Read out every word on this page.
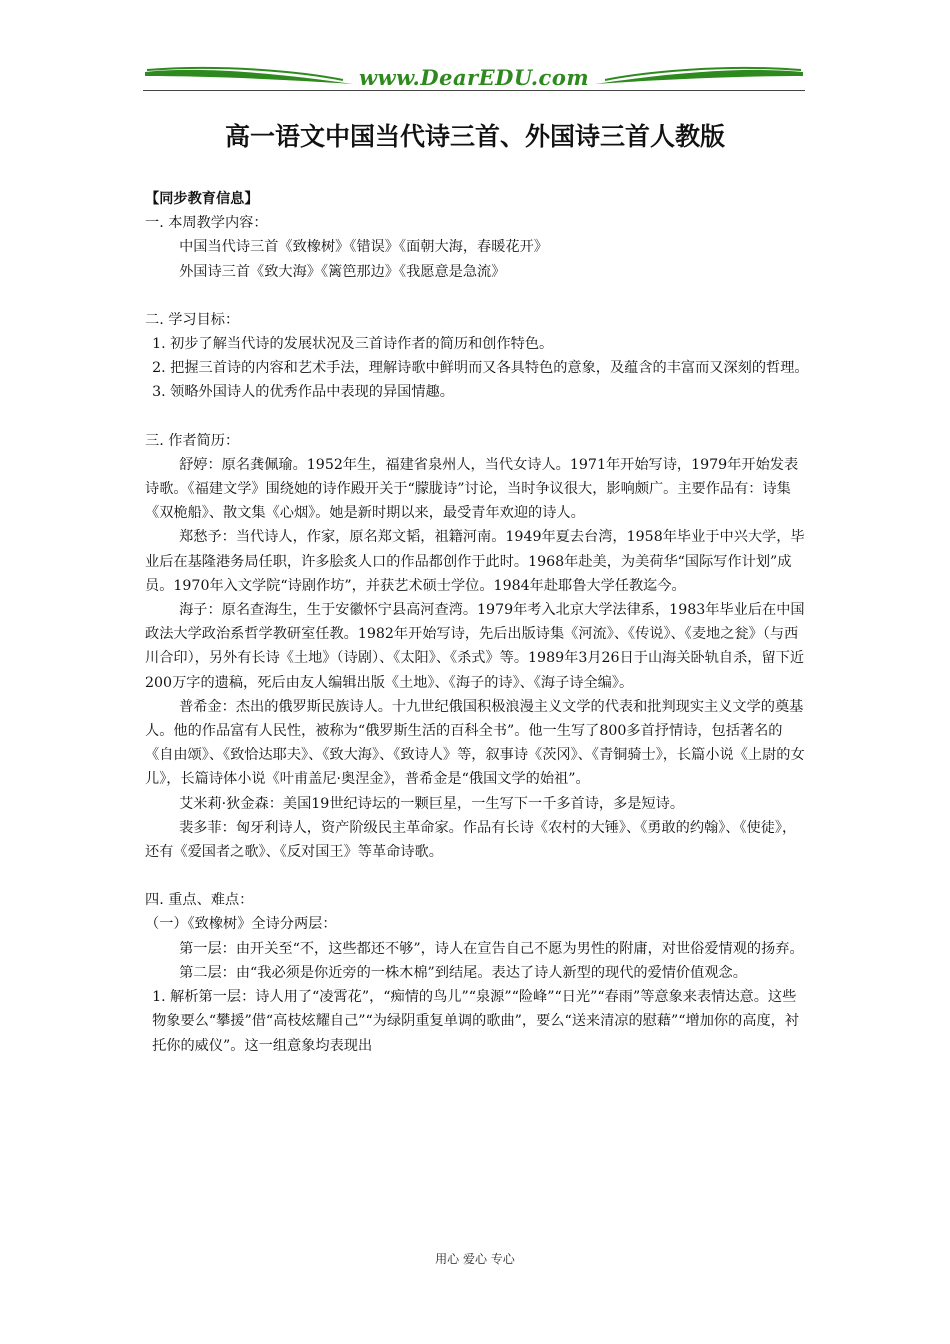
www.DearEDU.com
高一语文中国当代诗三首、外国诗三首人教版

【同步教育信息】

一. 本周教学内容：

中国当代诗三首《致橡树》《错误》《面朝大海，春暖花开》

外国诗三首《致大海》《篱笆那边》《我愿意是急流》

二. 学习目标：

1. 初步了解当代诗的发展状况及三首诗作者的简历和创作特色。

2. 把握三首诗的内容和艺术手法，理解诗歌中鲜明而又各具特色的意象，及蕴含的丰富而又深刻的哲理。

3. 领略外国诗人的优秀作品中表现的异国情趣。

三. 作者简历：

舒婷：原名龚佩瑜。1952年生，福建省泉州人，当代女诗人。1971年开始写诗，1979年开始发表诗歌。《福建文学》围绕她的诗作殿开关于“朦胧诗”讨论，当时争议很大，影响颇广。主要作品有：诗集《双桅船》、散文集《心烟》。她是新时期以来，最受青年欢迎的诗人。

郑愁予：当代诗人，作家，原名郑文韬，祖籍河南。1949年夏去台湾，1958年毕业于中兴大学，毕业后在基隆港务局任职，许多脍炙人口的作品都创作于此时。1968年赴美，为美荷华“国际写作计划”成员。1970年入文学院“诗剧作坊”，并获艺术硕士学位。1984年赴耶鲁大学任教迄今。

海子：原名查海生，生于安徽怀宁县高河查湾。1979年考入北京大学法律系，1983年毕业后在中国政法大学政治系哲学教研室任教。1982年开始写诗，先后出版诗集《河流》、《传说》、《麦地之瓮》（与西川合印），另外有长诗《土地》（诗剧）、《太阳》、《杀式》等。1989年3月26日于山海关卧轨自杀，留下近200万字的遗稿，死后由友人编辑出版《土地》、《海子的诗》、《海子诗全编》。

普希金：杰出的俄罗斯民族诗人。十九世纪俄国积极浪漫主义文学的代表和批判现实主义文学的奠基人。他的作品富有人民性，被称为“俄罗斯生活的百科全书”。他一生写了800多首抒情诗，包括著名的《自由颂》、《致恰达耶夫》、《致大海》、《致诗人》等，叙事诗《茨冈》、《青铜骑士》，长篇小说《上尉的女儿》，长篇诗体小说《叶甫盖尼·奥涅金》，普希金是“俄国文学的始祖”。

艾米莉·狄金森：美国19世纪诗坛的一颗巨星，一生写下一千多首诗，多是短诗。

裴多菲：匈牙利诗人，资产阶级民主革命家。作品有长诗《农村的大锤》、《勇敢的约翰》、《使徒》，还有《爱国者之歌》、《反对国王》等革命诗歌。

四. 重点、难点：

（一）《致橡树》全诗分两层：

第一层：由开关至“不，这些都还不够”，诗人在宣告自己不愿为男性的附庸，对世俗爱情观的扬弃。

第二层：由“我必须是你近旁的一株木棉”到结尾。表达了诗人新型的现代的爱情价值观念。

1. 解析第一层：诗人用了“凌霄花”，“痴情的鸟儿”“泉源”“险峰”“日光”“春雨”等意象来表情达意。这些物象要么“攀援”借“高枝炫耀自己”“为绿阴重复单调的歌曲”，要么“送来清凉的慰藉”“增加你的高度，衬托你的威仪”。这一组意象均表现出

用心 爱心 专心
